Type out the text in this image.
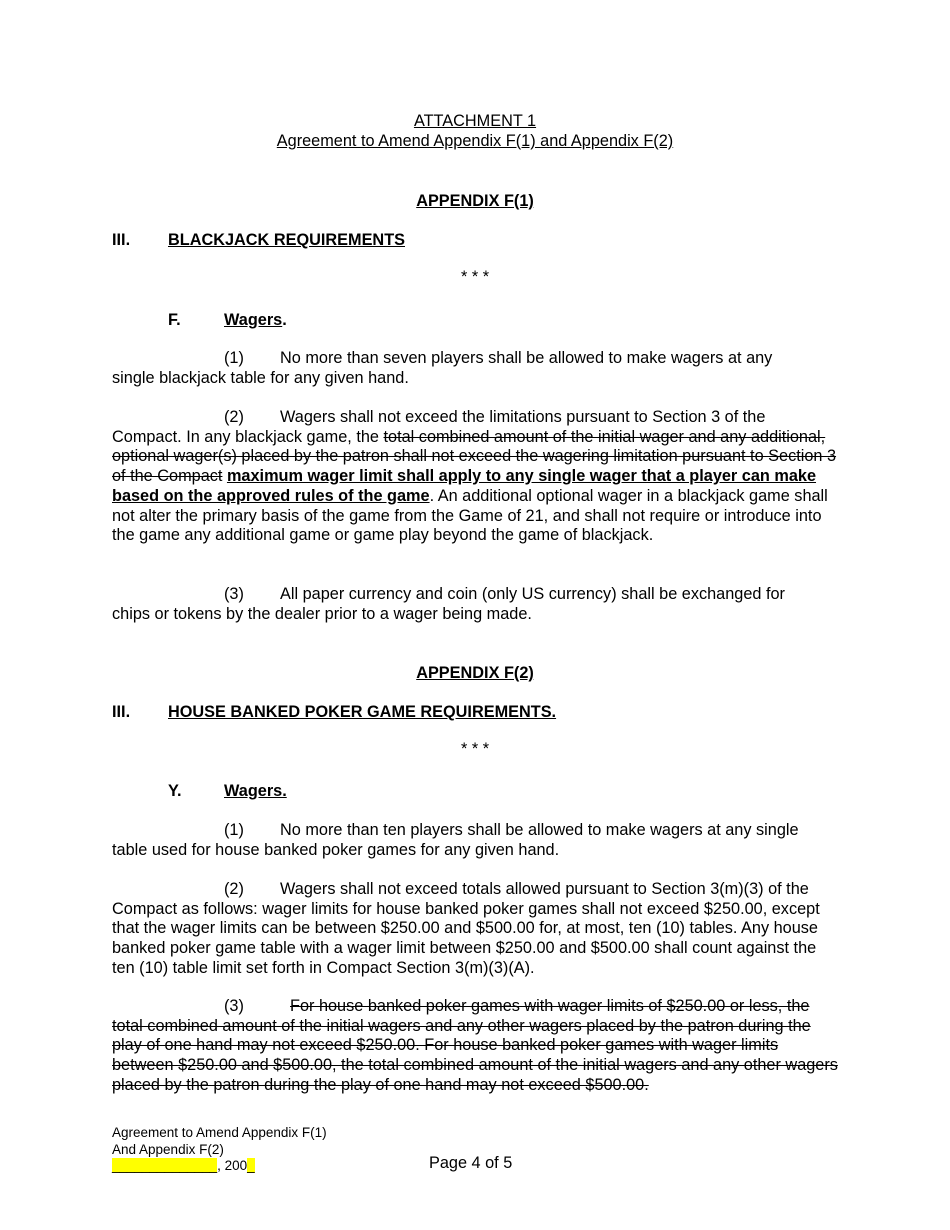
ATTACHMENT 1
Agreement to Amend Appendix F(1) and Appendix F(2)
APPENDIX F(1)
III. BLACKJACK REQUIREMENTS
* * *
F.	Wagers.
(1) No more than seven players shall be allowed to make wagers at any
single blackjack table for any given hand.
(2) Wagers shall not exceed the limitations pursuant to Section 3 of the
Compact. In any blackjack game, the total combined amount of the initial wager and any additional, optional wager(s) placed by the patron shall not exceed the wagering limitation pursuant to Section 3 of the Compact maximum wager limit shall apply to any single wager that a player can make based on the approved rules of the game. An additional optional wager in a blackjack game shall not alter the primary basis of the game from the Game of 21, and shall not require or introduce into the game any additional game or game play beyond the game of blackjack.
(3) All paper currency and coin (only US currency) shall be exchanged for
chips or tokens by the dealer prior to a wager being made.
APPENDIX F(2)
III. HOUSE BANKED POKER GAME REQUIREMENTS.
* * *
Y.	Wagers.
(1) No more than ten players shall be allowed to make wagers at any single
table used for house banked poker games for any given hand.
(2) Wagers shall not exceed totals allowed pursuant to Section 3(m)(3) of the
Compact as follows: wager limits for house banked poker games shall not exceed $250.00, except that the wager limits can be between $250.00 and $500.00 for, at most, ten (10) tables. Any house banked poker game table with a wager limit between $250.00 and $500.00 shall count against the ten (10) table limit set forth in Compact Section 3(m)(3)(A).
(3)	For house banked poker games with wager limits of $250.00 or less, the
total combined amount of the initial wagers and any other wagers placed by the patron during the play of one hand may not exceed $250.00. For house banked poker games with wager limits between $250.00 and $500.00, the total combined amount of the initial wagers and any other wagers placed by the patron during the play of one hand may not exceed $500.00.
Agreement to Amend Appendix F(1)
And Appendix F(2)
______________, 200_	Page 4 of 5
